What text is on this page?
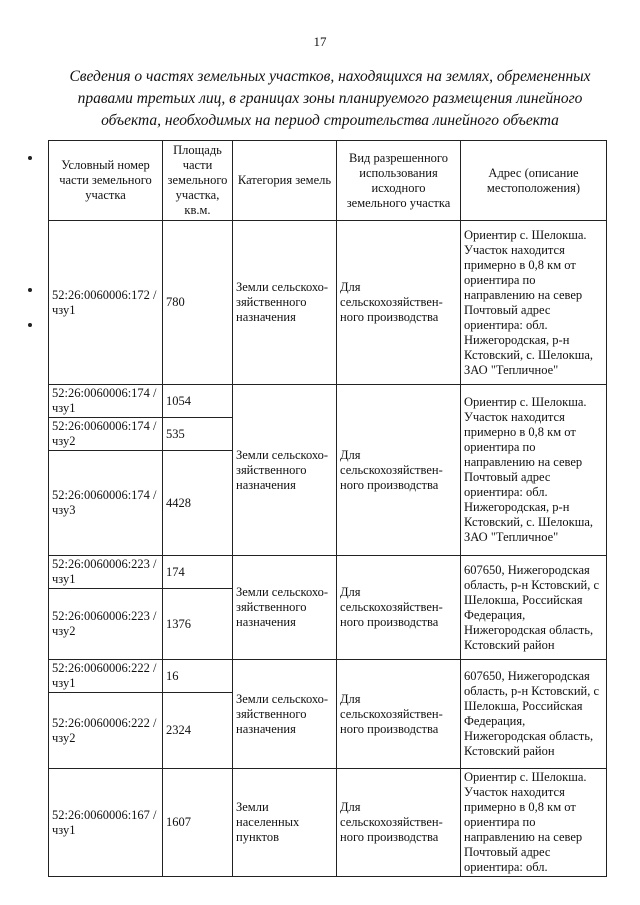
17
Сведения о частях земельных участков, находящихся на землях, обремененных
правами третьих лиц, в границах зоны планируемого размещения линейного
объекта, необходимых на период строительства линейного объекта
Условный номер части земельного участка	Площадь части земельного участка, кв.м.	Категория земель	Вид разрешенного использования исходного земельного участка	Адрес (описание местоположения)
52:26:0060006:172 /чзу1	780	Земли сельскохо-зяйственного назначения	Для сельскохозяйствен-ного производства	Ориентир с. Шелокша. Участок находится примерно в 0,8 км от ориентира по направлению на север Почтовый адрес ориентира: обл. Нижегородская, р-н Кстовский, с. Шелокша, ЗАО "Тепличное"
52:26:0060006:174 /чзу1	1054	Земли сельскохо-зяйственного назначения	Для сельскохозяйствен-ного производства	Ориентир с. Шелокша. Участок находится примерно в 0,8 км от ориентира по направлению на север Почтовый адрес ориентира: обл. Нижегородская, р-н Кстовский, с. Шелокша, ЗАО "Тепличное"
52:26:0060006:174 /чзу2	535			
52:26:0060006:174 /чзу3	4428			
52:26:0060006:223 /чзу1	174	Земли сельскохо-зяйственного назначения	Для сельскохозяйствен-ного производства	607650, Нижегородская область, р-н Кстовский, с Шелокша, Российская Федерация, Нижегородская область, Кстовский район
52:26:0060006:223 /чзу2	1376			
52:26:0060006:222 /чзу1	16	Земли сельскохо-зяйственного назначения	Для сельскохозяйствен-ного производства	607650, Нижегородская область, р-н Кстовский, с Шелокша, Российская Федерация, Нижегородская область, Кстовский район
52:26:0060006:222 /чзу2	2324			
52:26:0060006:167 /чзу1	1607	Земли населенных пунктов	Для сельскохозяйствен-ного производства	Ориентир с. Шелокша. Участок находится примерно в 0,8 км от ориентира по направлению на север Почтовый адрес ориентира: обл.
